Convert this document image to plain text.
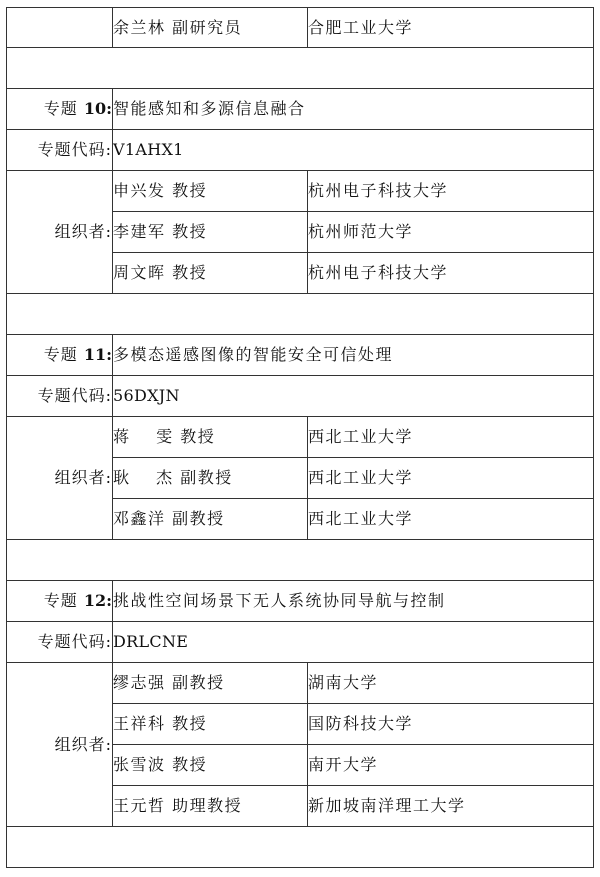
	余兰林 副研究员	合肥工业大学

专题 10:	智能感知和多源信息融合	
专题代码:	V1AHX1	
组织者:	申兴发 教授	杭州电子科技大学
	李建军 教授	杭州师范大学
	周文晖 教授	杭州电子科技大学

专题 11:	多模态遥感图像的智能安全可信处理	
专题代码:	56DXJN	
组织者:	蒋 雯 教授	西北工业大学
	耿 杰 副教授	西北工业大学
	邓鑫洋 副教授	西北工业大学

专题 12:	挑战性空间场景下无人系统协同导航与控制	
专题代码:	DRLCNE	
组织者:	缪志强 副教授	湖南大学
	王祥科 教授	国防科技大学
	张雪波 教授	南开大学
	王元哲 助理教授	新加坡南洋理工大学
